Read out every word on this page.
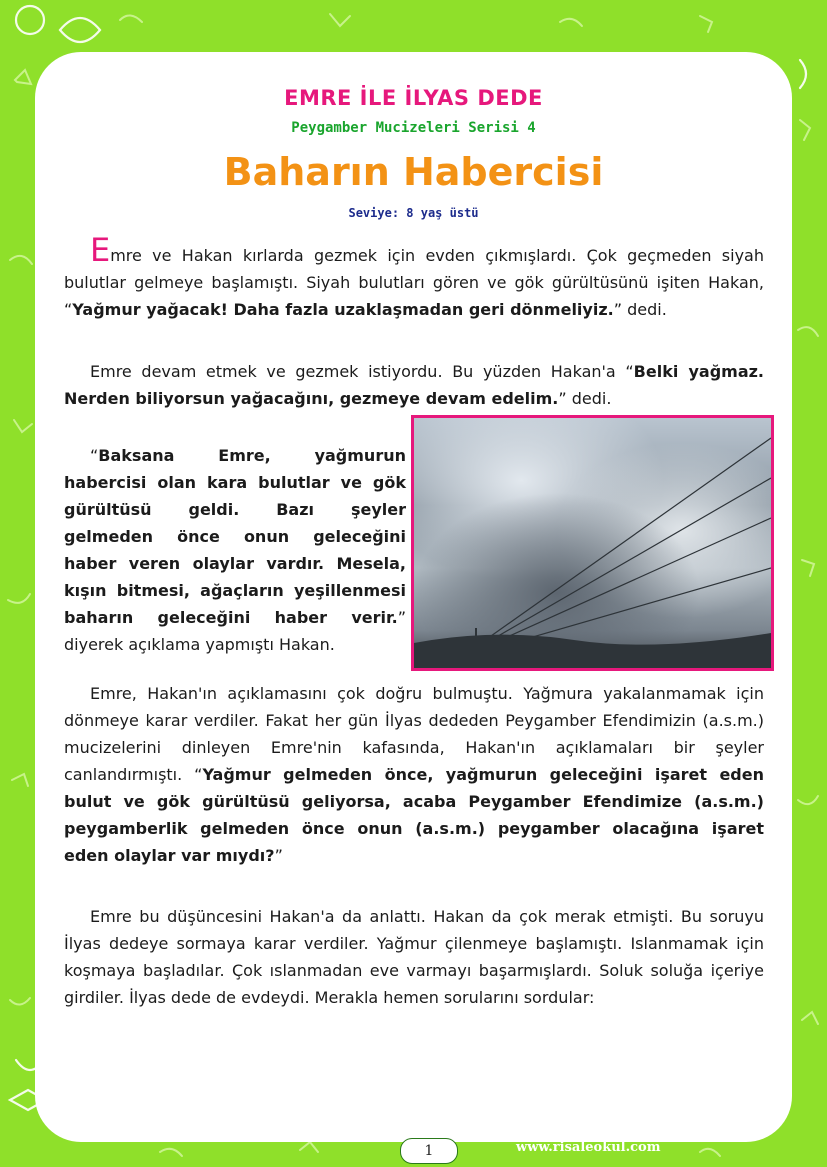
EMRE İLE İLYAS DEDE
Peygamber Mucizeleri Serisi 4
Baharın Habercisi
Seviye: 8 yaş üstü

Emre ve Hakan kırlarda gezmek için evden çıkmışlardı. Çok geçmeden siyah bulutlar gelmeye başlamıştı. Siyah bulutları gören ve gök gürültüsünü işiten Hakan, “Yağmur yağacak! Daha fazla uzaklaşmadan geri dönmeliyiz.” dedi.

Emre devam etmek ve gezmek istiyordu. Bu yüzden Hakan'a “Belki yağmaz. Nerden biliyorsun yağacağını, gezmeye devam edelim.” dedi.

“Baksana Emre, yağmurun habercisi olan kara bulutlar ve gök gürültüsü geldi. Bazı şeyler gelmeden önce onun geleceğini haber veren olaylar vardır. Mesela, kışın bitmesi, ağaçların yeşillenmesi baharın geleceğini haber verir.” diyerek açıklama yapmıştı Hakan.

Emre, Hakan'ın açıklamasını çok doğru bulmuştu. Yağmura yakalanmamak için dönmeye karar verdiler. Fakat her gün İlyas dededen Peygamber Efendimizin (a.s.m.) mucizelerini dinleyen Emre'nin kafasında, Hakan'ın açıklamaları bir şeyler canlandırmıştı. “Yağmur gelmeden önce, yağmurun geleceğini işaret eden bulut ve gök gürültüsü geliyorsa, acaba Peygamber Efendimize (a.s.m.) peygamberlik gelmeden önce onun (a.s.m.) peygamber olacağına işaret eden olaylar var mıydı?”

Emre bu düşüncesini Hakan'a da anlattı. Hakan da çok merak etmişti. Bu soruyu İlyas dedeye sormaya karar verdiler. Yağmur çilenmeye başlamıştı. Islanmamak için koşmaya başladılar. Çok ıslanmadan eve varmayı başarmışlardı. Soluk soluğa içeriye girdiler. İlyas dede de evdeydi. Merakla hemen sorularını sordular:

1	www.risaleokul.com
